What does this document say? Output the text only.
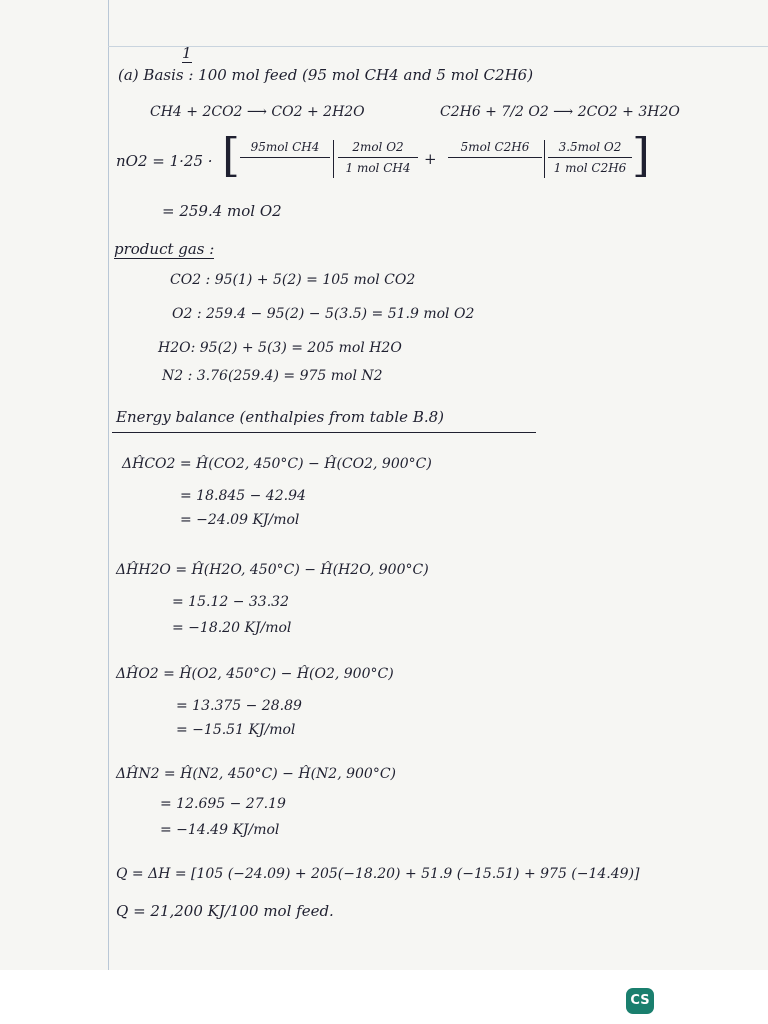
1
(a) Basis : 100 mol feed (95 mol CH4 and 5 mol C2H6)
CH4 + 2CO2 ⟶ CO2 + 2H2O	C2H6 + 7/2 O2 ⟶ 2CO2 + 3H2O
nO2 = 1·25 · [ 95mol CH4	2mol O2
1 mol CH4 +
5mol C2H6	3.5mol O2
1 mol C2H6 ]
= 259.4 mol O2
product gas :
CO2 : 95(1) + 5(2) = 105 mol CO2
O2 : 259.4 − 95(2) − 5(3.5) = 51.9 mol O2
H2O: 95(2) + 5(3) = 205 mol H2O
N2 : 3.76(259.4) = 975 mol N2
Energy balance (enthalpies from table B.8)
ΔĤCO2 = Ĥ(CO2, 450°C) − Ĥ(CO2, 900°C)
= 18.845 − 42.94
= −24.09 KJ/mol
ΔĤH2O = Ĥ(H2O, 450°C) − Ĥ(H2O, 900°C)
= 15.12 − 33.32
= −18.20 KJ/mol
ΔĤO2 = Ĥ(O2, 450°C) − Ĥ(O2, 900°C)
= 13.375 − 28.89
= −15.51 KJ/mol
ΔĤN2 = Ĥ(N2, 450°C) − Ĥ(N2, 900°C)
= 12.695 − 27.19
= −14.49 KJ/mol
Q = ΔH = [105 (−24.09) + 205(−18.20) + 51.9 (−15.51) + 975 (−14.49)]
Q = 21,200 KJ/100 mol feed.
CS
